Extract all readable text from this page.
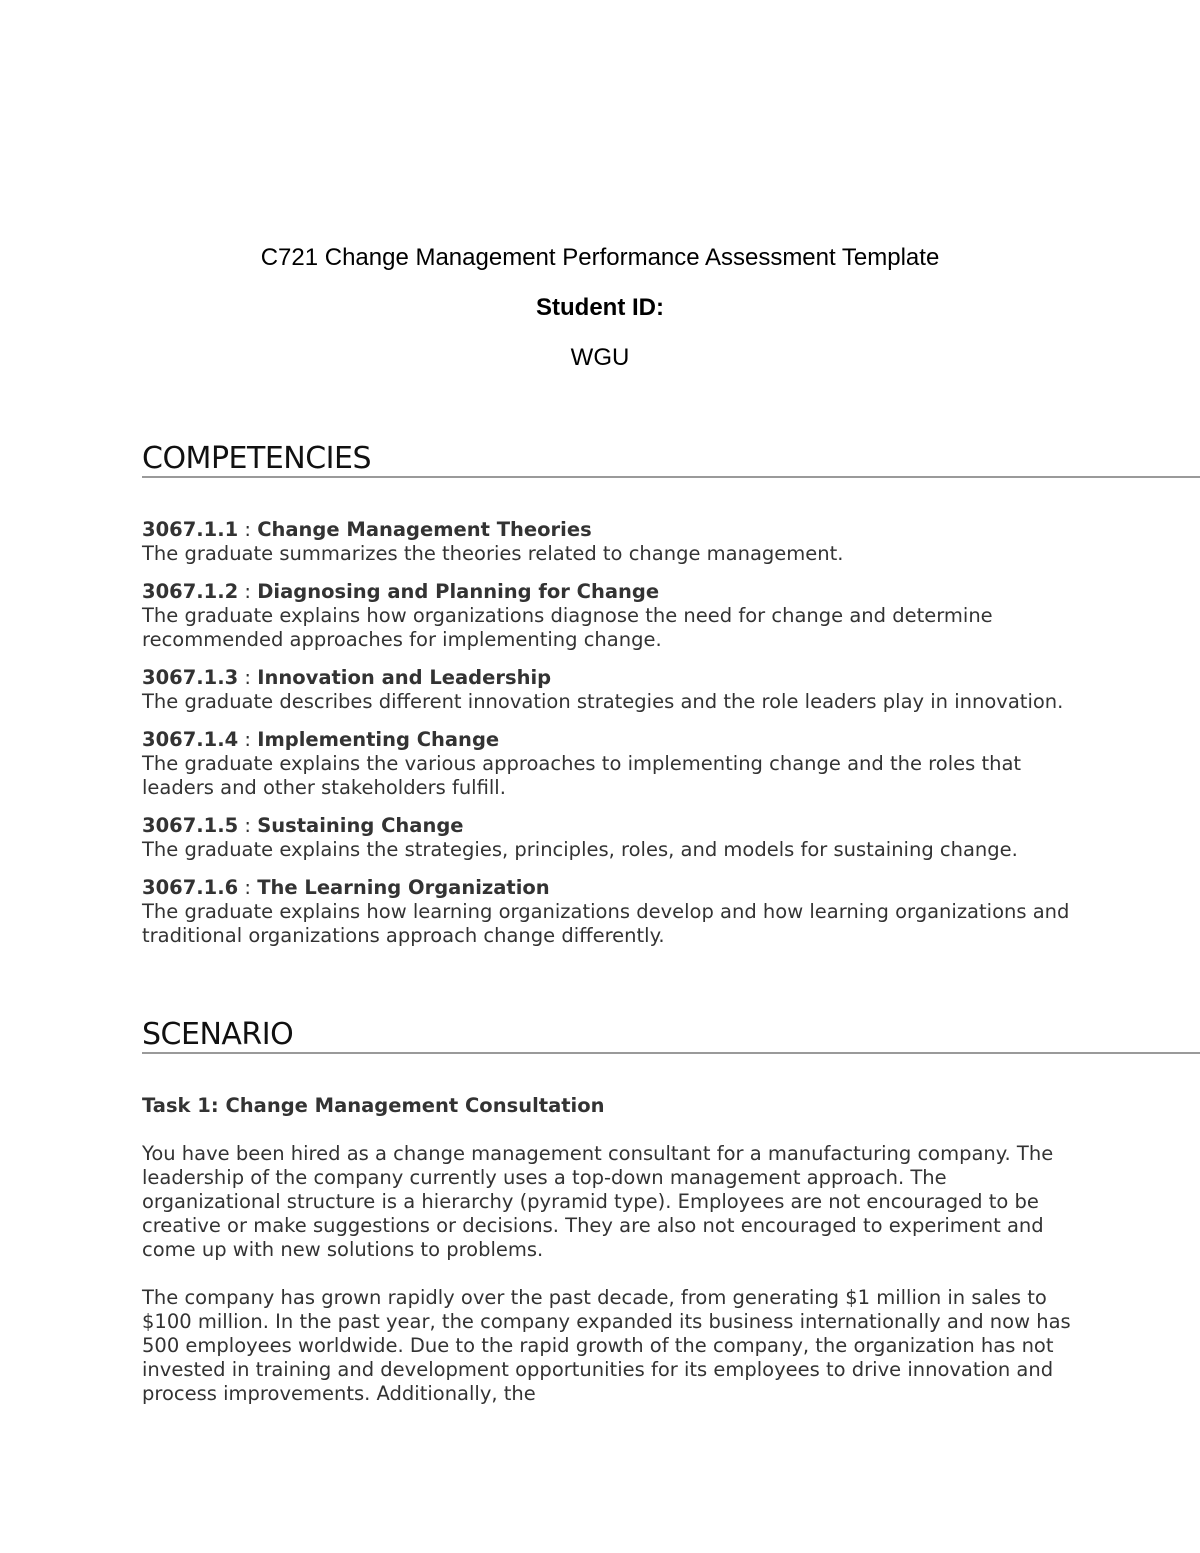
C721 Change Management Performance Assessment Template
Student ID:
WGU
COMPETENCIES
3067.1.1 : Change Management Theories

The graduate summarizes the theories related to change management.

3067.1.2 : Diagnosing and Planning for Change

The graduate explains how organizations diagnose the need for change and determine recommended approaches for implementing change.

3067.1.3 : Innovation and Leadership

The graduate describes different innovation strategies and the role leaders play in innovation.

3067.1.4 : Implementing Change

The graduate explains the various approaches to implementing change and the roles that leaders and other stakeholders fulfill.

3067.1.5 : Sustaining Change

The graduate explains the strategies, principles, roles, and models for sustaining change.

3067.1.6 : The Learning Organization

The graduate explains how learning organizations develop and how learning organizations and traditional organizations approach change differently.

SCENARIO
Task 1: Change Management Consultation

You have been hired as a change management consultant for a manufacturing company. The leadership of the company currently uses a top-down management approach. The organizational structure is a hierarchy (pyramid type). Employees are not encouraged to be creative or make suggestions or decisions. They are also not encouraged to experiment and come up with new solutions to problems.

The company has grown rapidly over the past decade, from generating $1 million in sales to $100 million. In the past year, the company expanded its business internationally and now has 500 employees worldwide. Due to the rapid growth of the company, the organization has not invested in training and development opportunities for its employees to drive innovation and process improvements. Additionally, the
